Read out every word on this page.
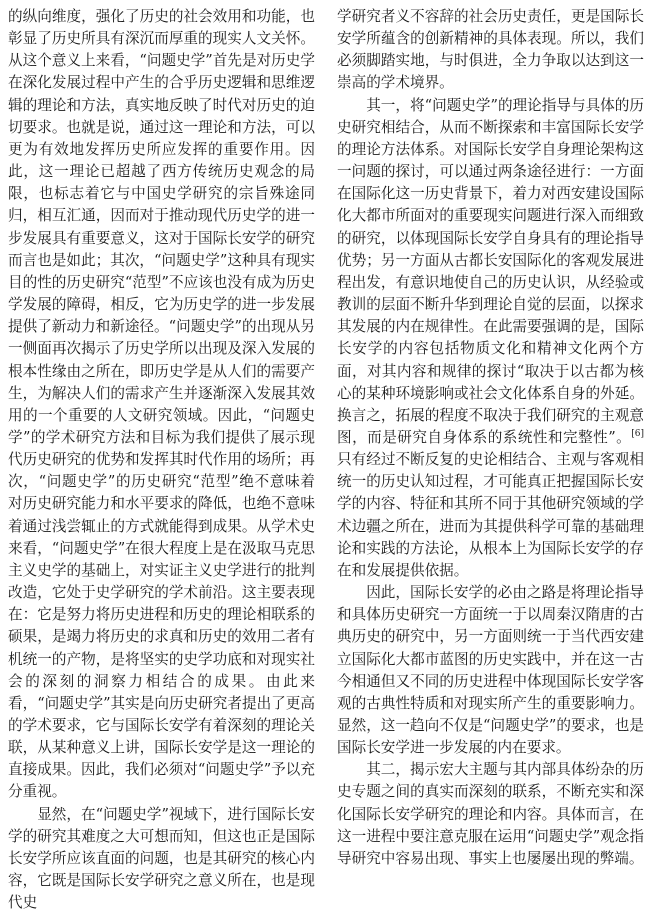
的纵向维度，强化了历史的社会效用和功能，也彰显了历史所具有深沉而厚重的现实人文关怀。从这个意义上来看，“问题史学”首先是对历史学在深化发展过程中产生的合乎历史逻辑和思维逻辑的理论和方法，真实地反映了时代对历史的迫切要求。也就是说，通过这一理论和方法，可以更为有效地发挥历史所应发挥的重要作用。因此，这一理论已超越了西方传统历史观念的局限，也标志着它与中国史学研究的宗旨殊途同归，相互汇通，因而对于推动现代历史学的进一步发展具有重要意义，这对于国际长安学的研究而言也是如此；其次，“问题史学”这种具有现实目的性的历史研究“范型”不应该也没有成为历史学发展的障碍，相反，它为历史学的进一步发展提供了新动力和新途径。“问题史学”的出现从另一侧面再次揭示了历史学所以出现及深入发展的根本性缘由之所在，即历史学是从人们的需要产生，为解决人们的需求产生并逐渐深入发展其效用的一个重要的人文研究领域。因此，“问题史学”的学术研究方法和目标为我们提供了展示现代历史研究的优势和发挥其时代作用的场所；再次，“问题史学”的历史研究“范型”绝不意味着对历史研究能力和水平要求的降低，也绝不意味着通过浅尝辄止的方式就能得到成果。从学术史来看，“问题史学”在很大程度上是在汲取马克思主义史学的基础上，对实证主义史学进行的批判改造，它处于史学研究的学术前沿。这主要表现在：它是努力将历史进程和历史的理论相联系的硕果，是竭力将历史的求真和历史的效用二者有机统一的产物，是将坚实的史学功底和对现实社会的深刻的洞察力相结合的成果。由此来看，“问题史学”其实是向历史研究者提出了更高的学术要求，它与国际长安学有着深刻的理论关联，从某种意义上讲，国际长安学是这一理论的直接成果。因此，我们必须对“问题史学”予以充分重视。

显然，在“问题史学”视域下，进行国际长安学的研究其难度之大可想而知，但这也正是国际长安学所应该直面的问题，也是其研究的核心内容，它既是国际长安学研究之意义所在，也是现代史

学研究者义不容辞的社会历史责任，更是国际长安学所蕴含的创新精神的具体表现。所以，我们必须脚踏实地，与时俱进，全力争取以达到这一崇高的学术境界。

其一，将“问题史学”的理论指导与具体的历史研究相结合，从而不断探索和丰富国际长安学的理论方法体系。对国际长安学自身理论架构这一问题的探讨，可以通过两条途径进行：一方面在国际化这一历史背景下，着力对西安建设国际化大都市所面对的重要现实问题进行深入而细致的研究，以体现国际长安学自身具有的理论指导优势；另一方面从古都长安国际化的客观发展进程出发，有意识地使自己的历史认识，从经验或教训的层面不断升华到理论自觉的层面，以探求其发展的内在规律性。在此需要强调的是，国际长安学的内容包括物质文化和精神文化两个方面，对其内容和规律的探讨“取决于以古都为核心的某种环境影响或社会文化体系自身的外延。换言之，拓展的程度不取决于我们研究的主观意图，而是研究自身体系的系统性和完整性”。[6]只有经过不断反复的史论相结合、主观与客观相统一的历史认知过程，才可能真正把握国际长安学的内容、特征和其所不同于其他研究领域的学术边疆之所在，进而为其提供科学可靠的基础理论和实践的方法论，从根本上为国际长安学的存在和发展提供依据。

因此，国际长安学的必由之路是将理论指导和具体历史研究一方面统一于以周秦汉隋唐的古典历史的研究中，另一方面则统一于当代西安建立国际化大都市蓝图的历史实践中，并在这一古今相通但又不同的历史进程中体现国际长安学客观的古典性特质和对现实所产生的重要影响力。显然，这一趋向不仅是“问题史学”的要求，也是国际长安学进一步发展的内在要求。

其二，揭示宏大主题与其内部具体纷杂的历史专题之间的真实而深刻的联系，不断充实和深化国际长安学研究的理论和内容。具体而言，在这一进程中要注意克服在运用“问题史学”观念指导研究中容易出现、事实上也屡屡出现的弊端。
